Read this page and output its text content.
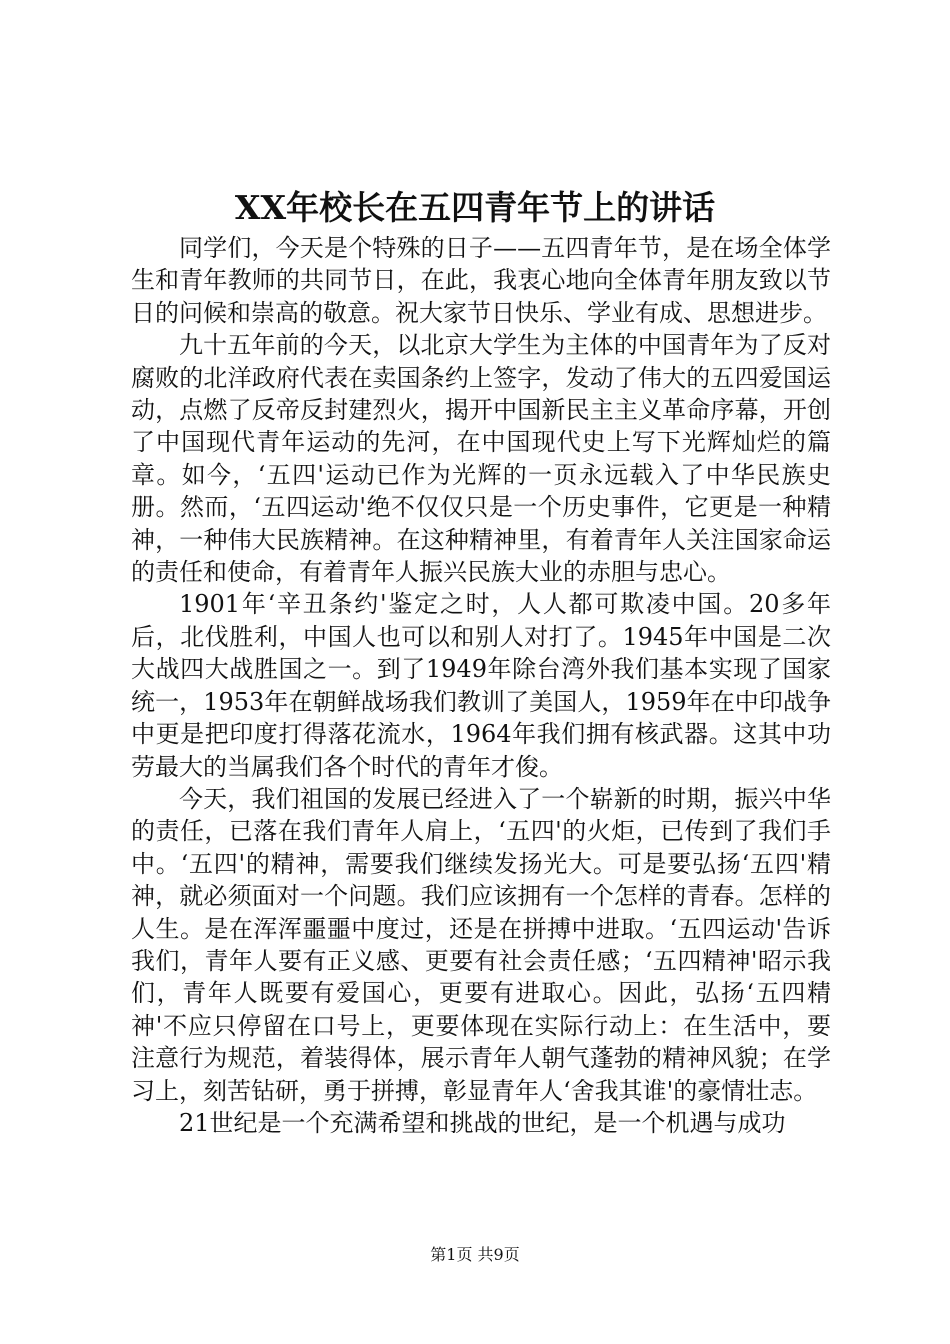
XX年校长在五四青年节上的讲话

同学们，今天是个特殊的日子——五四青年节，是在场全体学生和青年教师的共同节日，在此，我衷心地向全体青年朋友致以节日的问候和崇高的敬意。祝大家节日快乐、学业有成、思想进步。

九十五年前的今天，以北京大学生为主体的中国青年为了反对腐败的北洋政府代表在卖国条约上签字，发动了伟大的五四爱国运动，点燃了反帝反封建烈火，揭开中国新民主主义革命序幕，开创了中国现代青年运动的先河，在中国现代史上写下光辉灿烂的篇章。如今，‘五四'运动已作为光辉的一页永远载入了中华民族史册。然而，‘五四运动'绝不仅仅只是一个历史事件，它更是一种精神，一种伟大民族精神。在这种精神里，有着青年人关注国家命运的责任和使命，有着青年人振兴民族大业的赤胆与忠心。

1901年‘辛丑条约'鉴定之时，人人都可欺凌中国。20多年后，北伐胜利，中国人也可以和别人对打了。1945年中国是二次大战四大战胜国之一。到了1949年除台湾外我们基本实现了国家统一，1953年在朝鲜战场我们教训了美国人，1959年在中印战争中更是把印度打得落花流水，1964年我们拥有核武器。这其中功劳最大的当属我们各个时代的青年才俊。

今天，我们祖国的发展已经进入了一个崭新的时期，振兴中华的责任，已落在我们青年人肩上，‘五四'的火炬，已传到了我们手中。‘五四'的精神，需要我们继续发扬光大。可是要弘扬‘五四'精神，就必须面对一个问题。我们应该拥有一个怎样的青春。怎样的人生。是在浑浑噩噩中度过，还是在拼搏中进取。‘五四运动'告诉我们，青年人要有正义感、更要有社会责任感；‘五四精神'昭示我们，青年人既要有爱国心，更要有进取心。因此，弘扬‘五四精神'不应只停留在口号上，更要体现在实际行动上：在生活中，要注意行为规范，着装得体，展示青年人朝气蓬勃的精神风貌；在学习上，刻苦钻研，勇于拼搏，彰显青年人‘舍我其谁'的豪情壮志。

21世纪是一个充满希望和挑战的世纪，是一个机遇与成功

第1页 共9页
